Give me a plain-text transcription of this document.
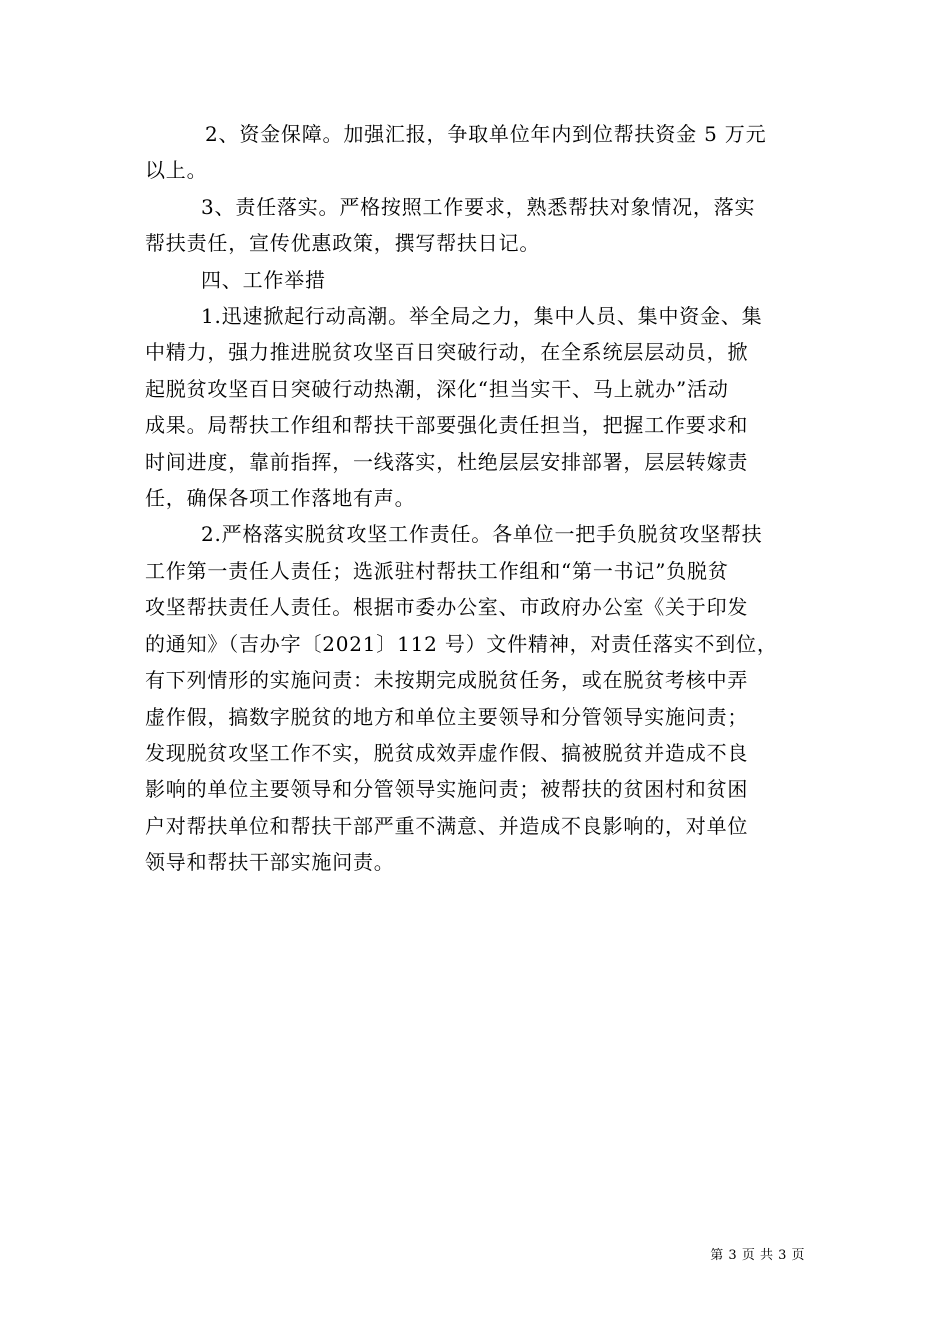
2、资金保障。加强汇报，争取单位年内到位帮扶资金 5 万元
以上。

3、责任落实。严格按照工作要求，熟悉帮扶对象情况，落实
帮扶责任，宣传优惠政策，撰写帮扶日记。

四、工作举措

1.迅速掀起行动高潮。举全局之力，集中人员、集中资金、集
中精力，强力推进脱贫攻坚百日突破行动，在全系统层层动员，掀
起脱贫攻坚百日突破行动热潮，深化“担当实干、马上就办”活动
成果。局帮扶工作组和帮扶干部要强化责任担当，把握工作要求和
时间进度，靠前指挥，一线落实，杜绝层层安排部署，层层转嫁责
任，确保各项工作落地有声。

2.严格落实脱贫攻坚工作责任。各单位一把手负脱贫攻坚帮扶
工作第一责任人责任；选派驻村帮扶工作组和“第一书记”负脱贫
攻坚帮扶责任人责任。根据市委办公室、市政府办公室《关于印发
的通知》（吉办字〔2021〕112 号）文件精神，对责任落实不到位，
有下列情形的实施问责：未按期完成脱贫任务，或在脱贫考核中弄
虚作假，搞数字脱贫的地方和单位主要领导和分管领导实施问责；
发现脱贫攻坚工作不实，脱贫成效弄虚作假、搞被脱贫并造成不良
影响的单位主要领导和分管领导实施问责；被帮扶的贫困村和贫困
户对帮扶单位和帮扶干部严重不满意、并造成不良影响的，对单位
领导和帮扶干部实施问责。

第 3 页 共 3 页
